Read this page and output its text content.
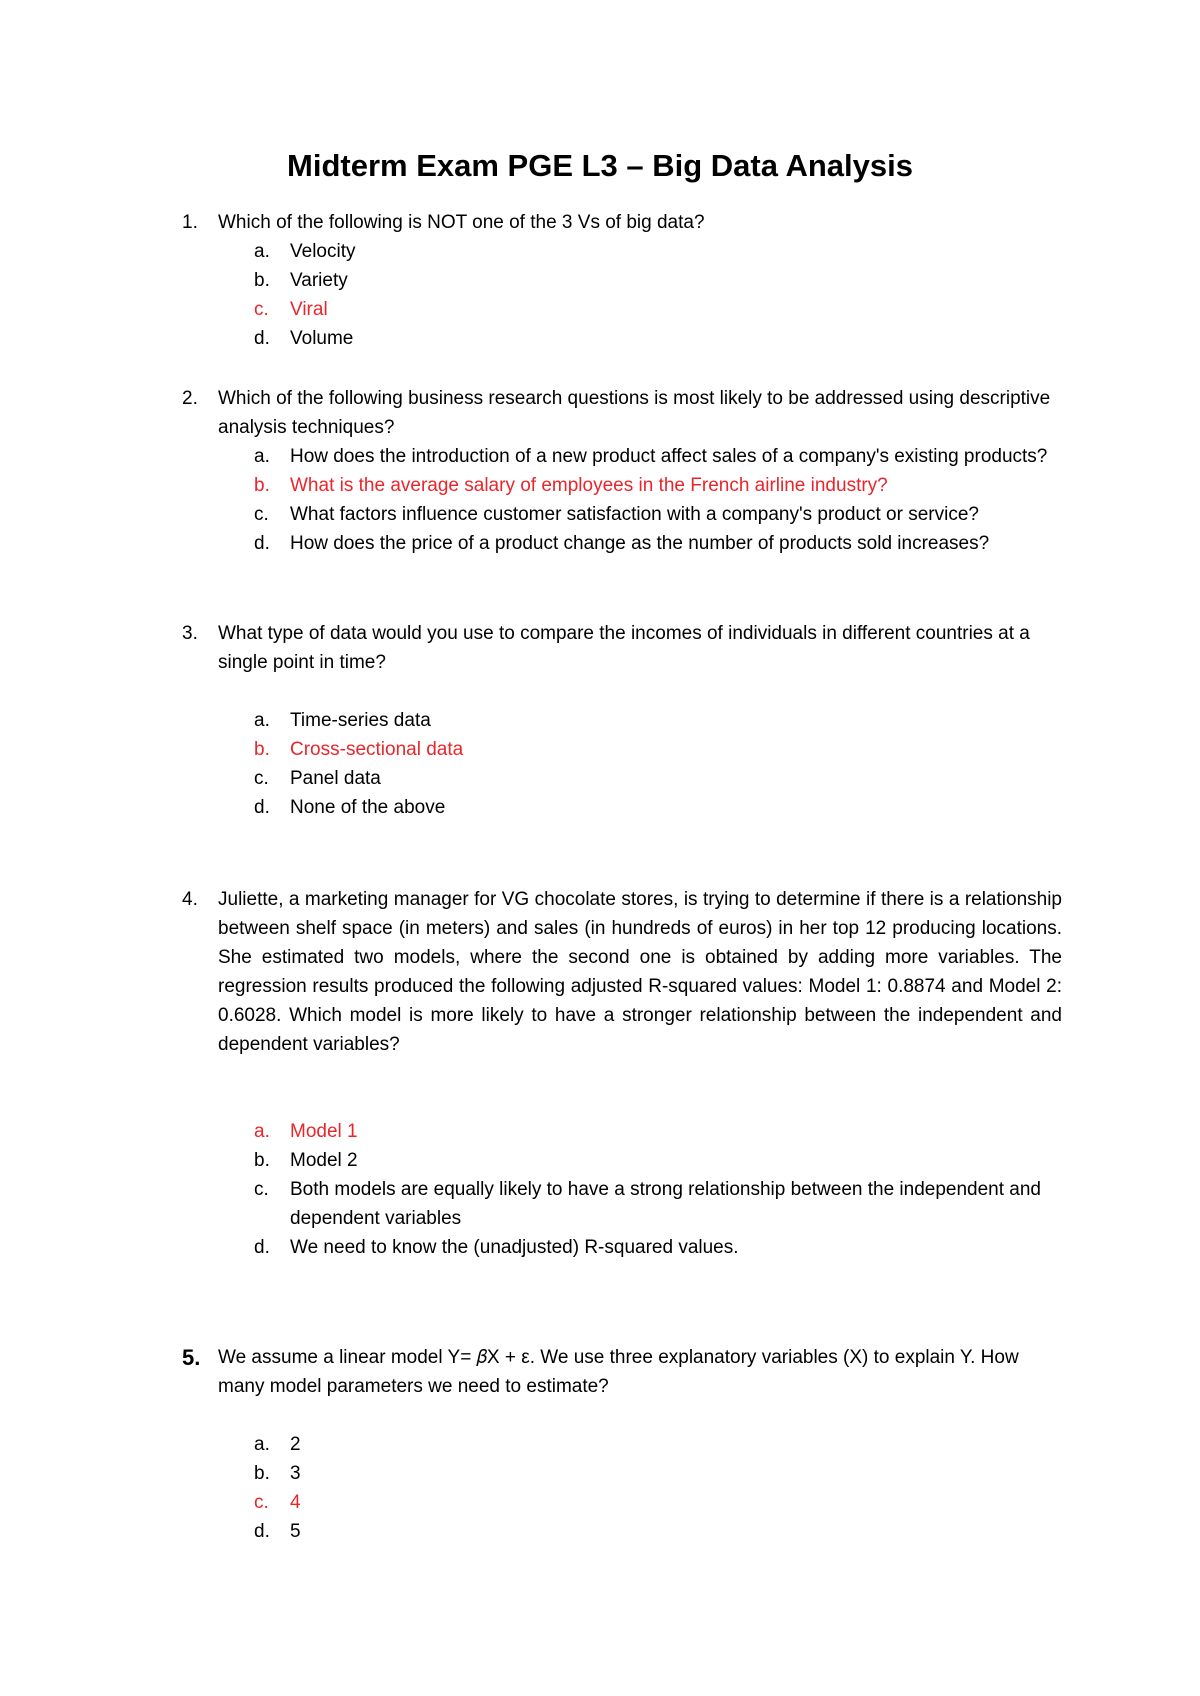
Midterm Exam PGE L3 – Big Data Analysis
1. Which of the following is NOT one of the 3 Vs of big data?
a. Velocity
b. Variety
c. Viral
d. Volume
2. Which of the following business research questions is most likely to be addressed using descriptive analysis techniques?
a. How does the introduction of a new product affect sales of a company's existing products?
b. What is the average salary of employees in the French airline industry?
c. What factors influence customer satisfaction with a company's product or service?
d. How does the price of a product change as the number of products sold increases?
3. What type of data would you use to compare the incomes of individuals in different countries at a single point in time?
a. Time-series data
b. Cross-sectional data
c. Panel data
d. None of the above
4. Juliette, a marketing manager for VG chocolate stores, is trying to determine if there is a relationship between shelf space (in meters) and sales (in hundreds of euros) in her top 12 producing locations. She estimated two models, where the second one is obtained by adding more variables. The regression results produced the following adjusted R-squared values: Model 1: 0.8874 and Model 2: 0.6028. Which model is more likely to have a stronger relationship between the independent and dependent variables?
a. Model 1
b. Model 2
c. Both models are equally likely to have a strong relationship between the independent and dependent variables
d. We need to know the (unadjusted) R-squared values.
5. We assume a linear model Y= 𝛽X + ε. We use three explanatory variables (X) to explain Y. How many model parameters we need to estimate?
a. 2
b. 3
c. 4
d. 5
